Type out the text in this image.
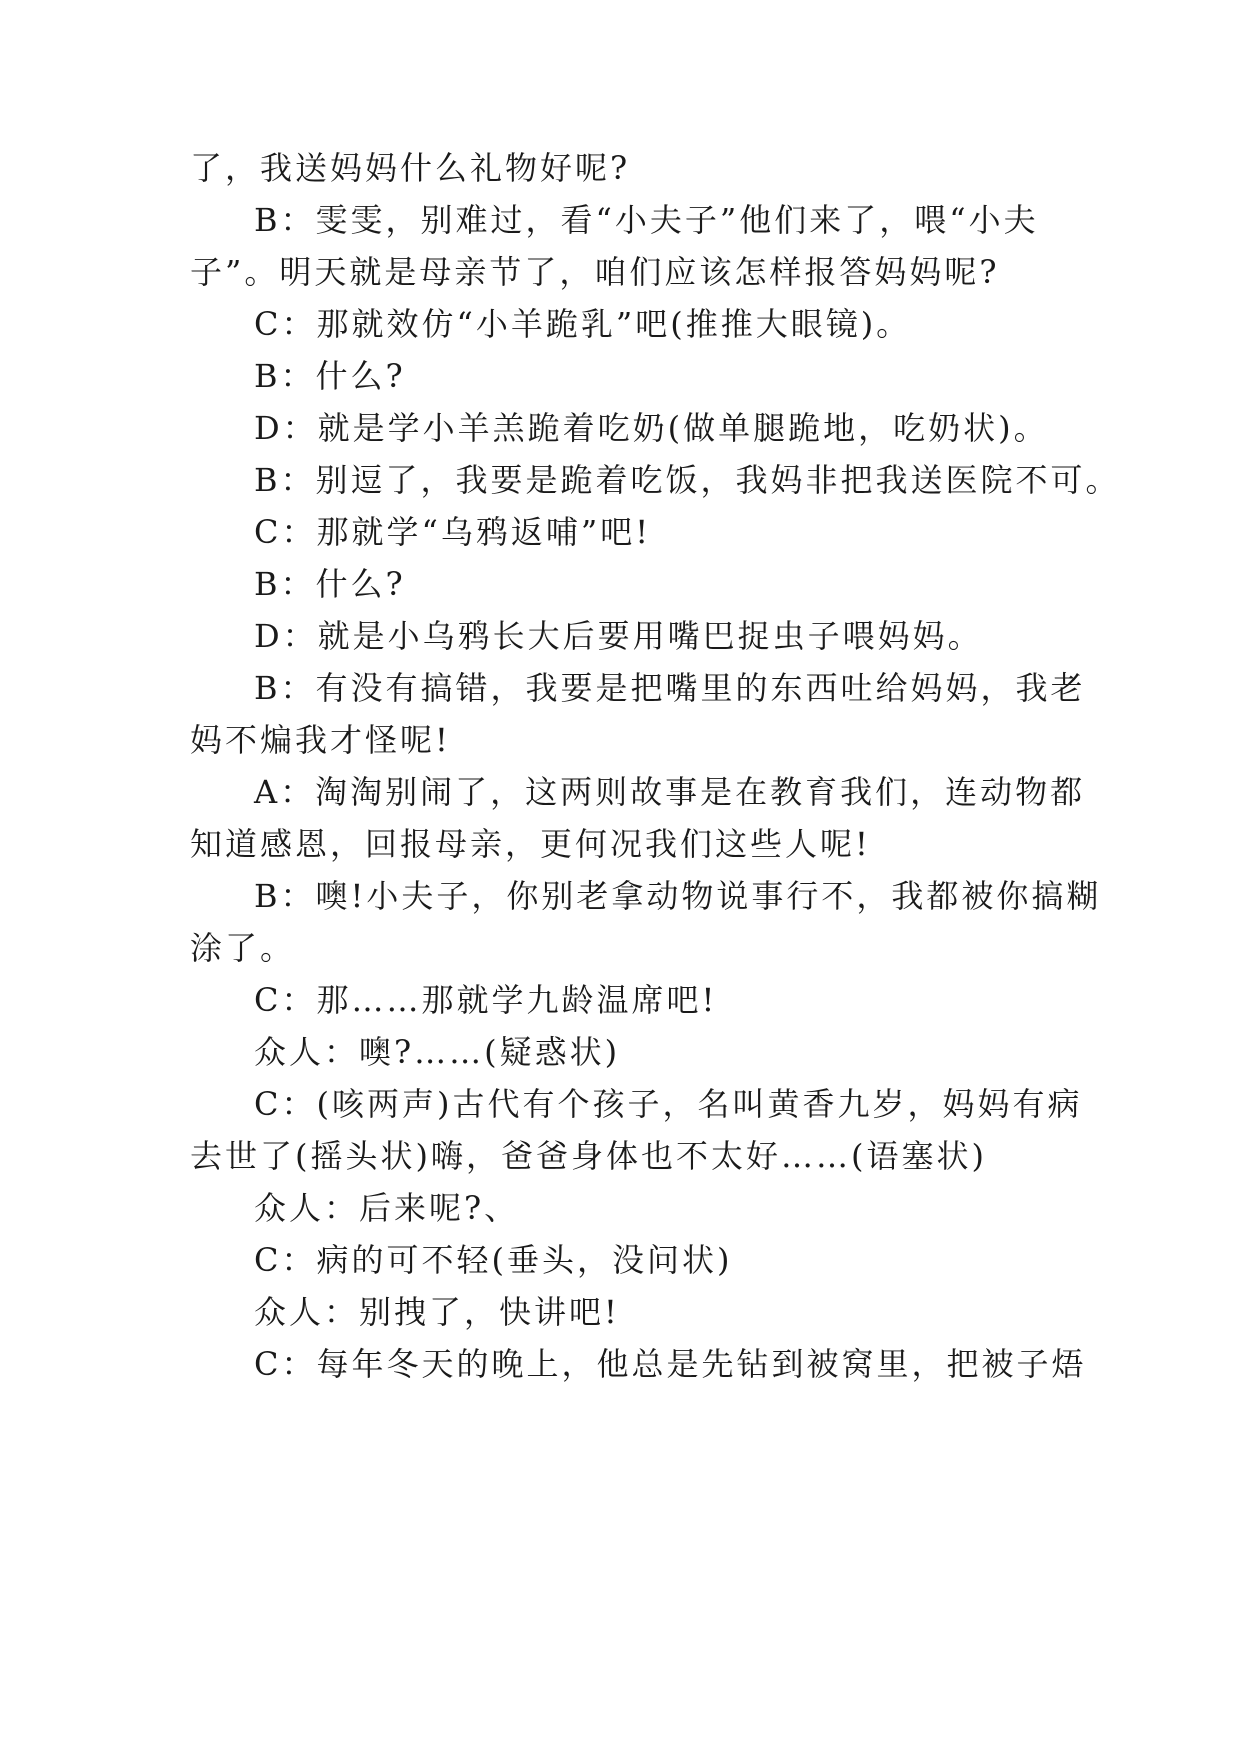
了，我送妈妈什么礼物好呢?
B：雯雯，别难过，看“小夫子”他们来了，喂“小夫
子”。明天就是母亲节了，咱们应该怎样报答妈妈呢?
C：那就效仿“小羊跪乳”吧(推推大眼镜)。
B：什么?
D：就是学小羊羔跪着吃奶(做单腿跪地，吃奶状)。
B：别逗了，我要是跪着吃饭，我妈非把我送医院不可。
C：那就学“乌鸦返哺”吧!
B：什么?
D：就是小乌鸦长大后要用嘴巴捉虫子喂妈妈。
B：有没有搞错，我要是把嘴里的东西吐给妈妈，我老
妈不煸我才怪呢!
A：淘淘别闹了，这两则故事是在教育我们，连动物都
知道感恩，回报母亲，更何况我们这些人呢!
B：噢!小夫子，你别老拿动物说事行不，我都被你搞糊
涂了。
C：那……那就学九龄温席吧!
众人：噢?……(疑惑状)
C：(咳两声)古代有个孩子，名叫黄香九岁，妈妈有病
去世了(摇头状)嗨，爸爸身体也不太好……(语塞状)
众人：后来呢?、
C：病的可不轻(垂头，没问状)
众人：别拽了，快讲吧!
C：每年冬天的晚上，他总是先钻到被窝里，把被子焐
